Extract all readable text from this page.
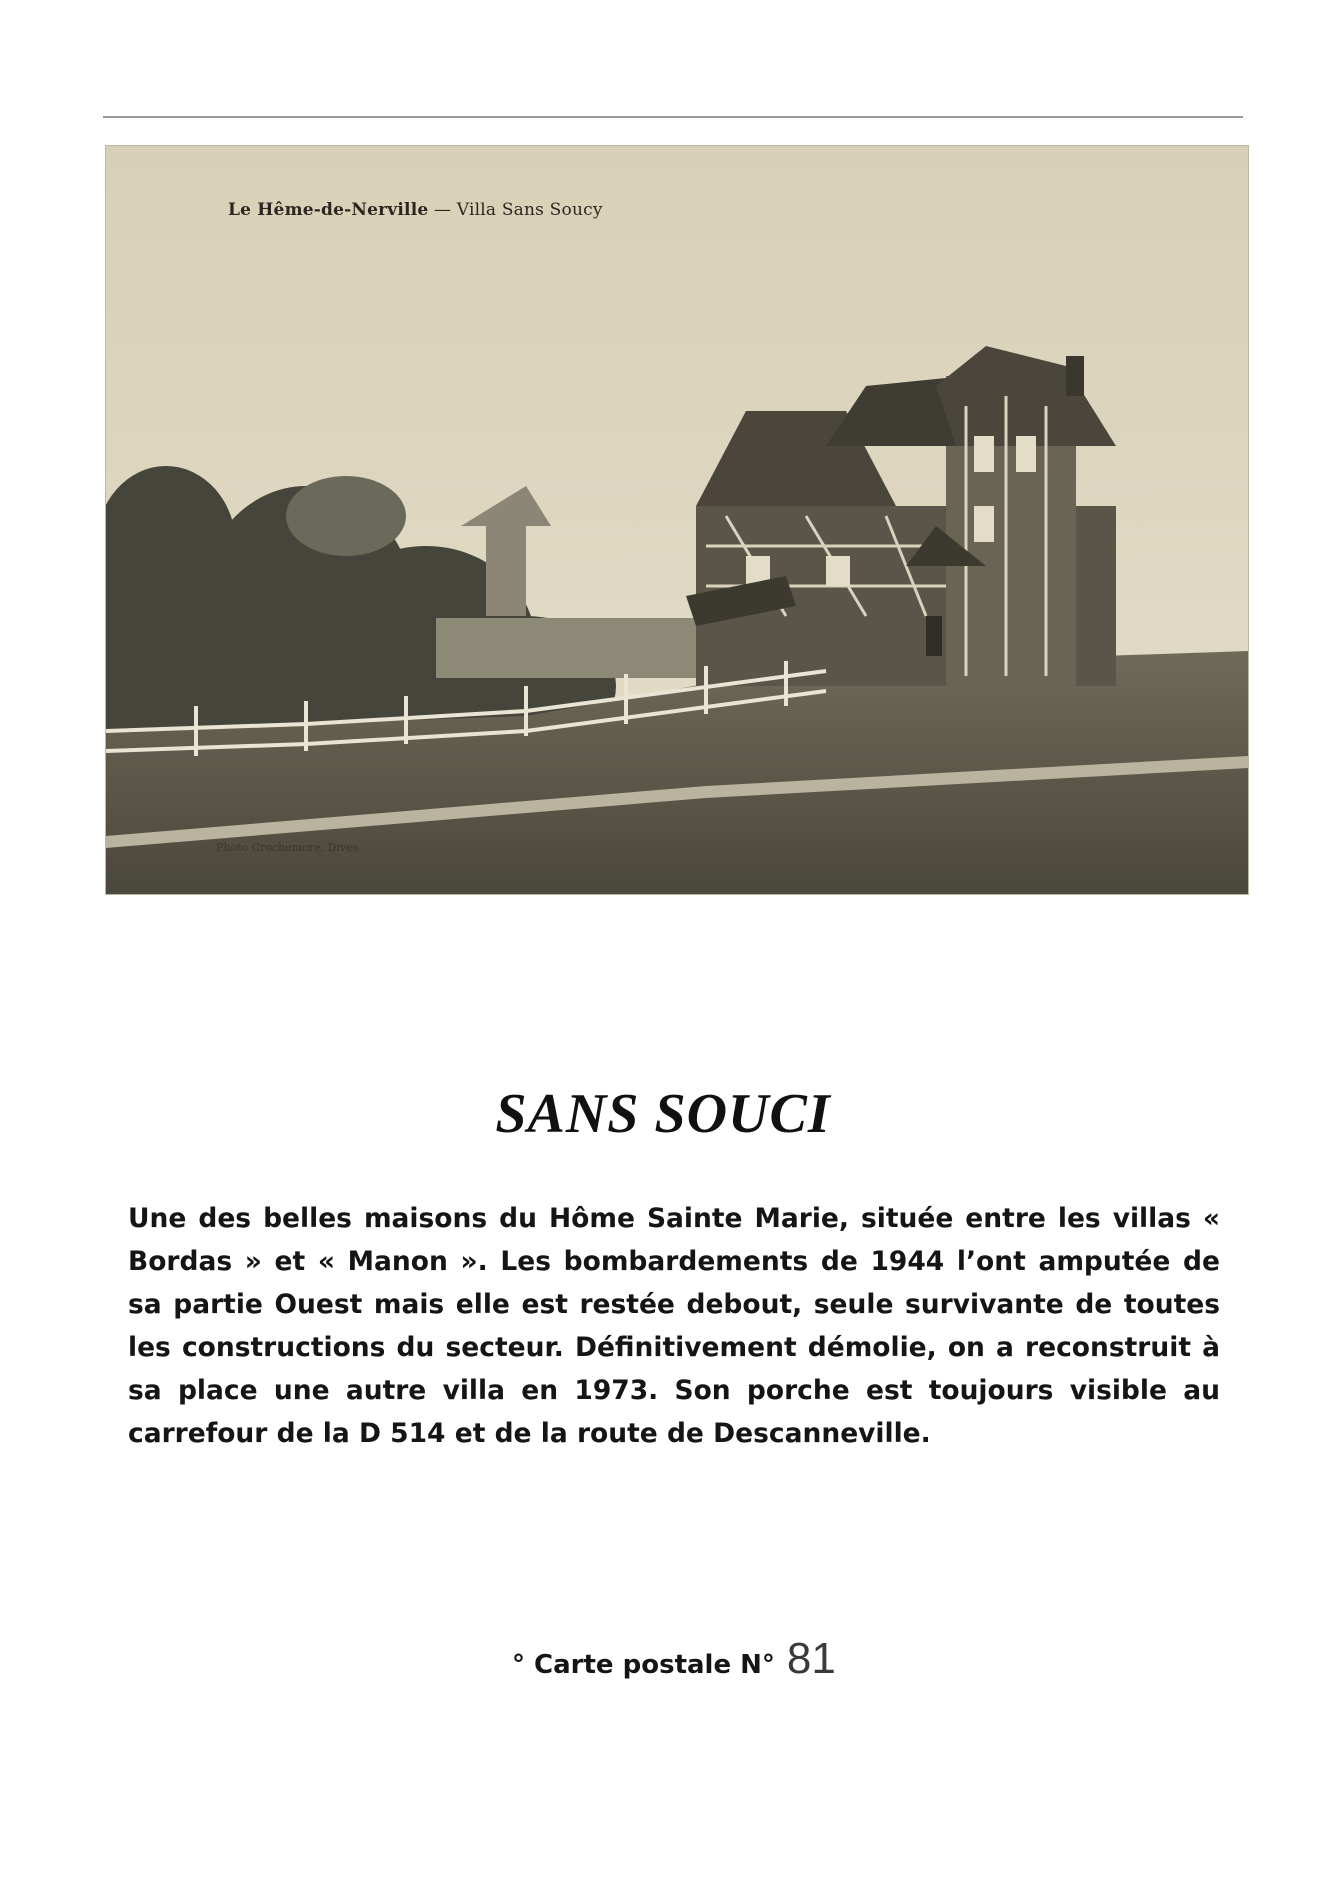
Le Hême-de-Nerville — Villa Sans Soucy

Photo Crochemore, Dives

SANS SOUCI

Une des belles maisons du Hôme Sainte Marie, située entre les villas « Bordas » et « Manon ». Les bombardements de 1944 l’ont amputée de sa partie Ouest mais elle est restée debout, seule survivante de toutes les constructions du secteur. Définitivement démolie, on a reconstruit à sa place une autre villa en 1973. Son porche est toujours visible au carrefour de la D 514 et de la route de Descanneville.

° Carte postale N° 81
